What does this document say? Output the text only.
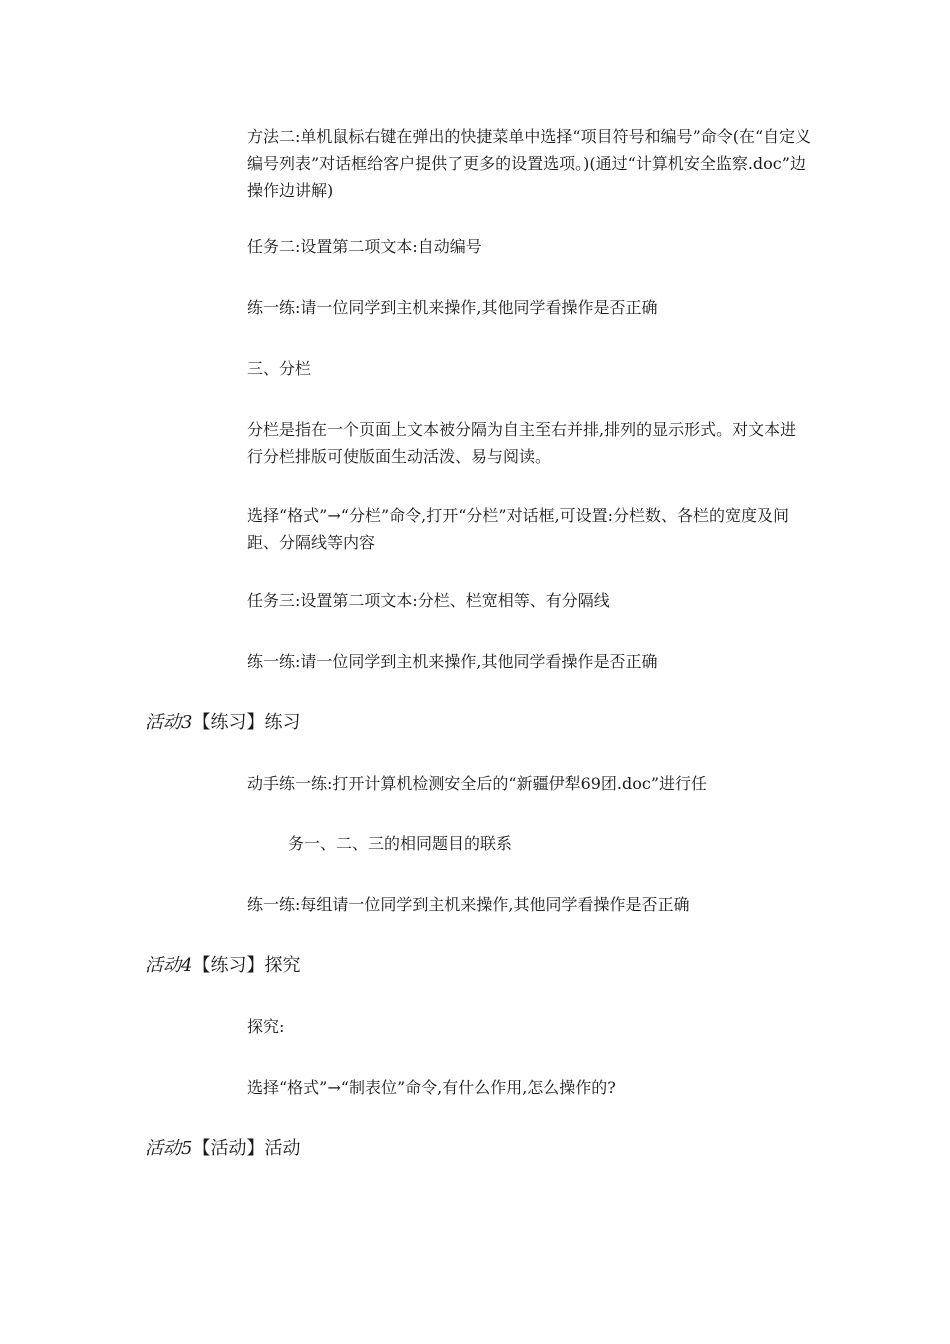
方法二:单机鼠标右键在弹出的快捷菜单中选择“项目符号和编号”命令(在“自定义编号列表”对话框给客户提供了更多的设置选项。)(通过“计算机安全监察.doc”边操作边讲解)

任务二:设置第二项文本:自动编号

练一练:请一位同学到主机来操作,其他同学看操作是否正确

三、分栏

分栏是指在一个页面上文本被分隔为自主至右并排,排列的显示形式。对文本进行分栏排版可使版面生动活泼、易与阅读。

选择“格式”→“分栏”命令,打开“分栏”对话框,可设置:分栏数、各栏的宽度及间距、分隔线等内容

任务三:设置第二项文本:分栏、栏宽相等、有分隔线

练一练:请一位同学到主机来操作,其他同学看操作是否正确

活动3【练习】练习

动手练一练:打开计算机检测安全后的“新疆伊犁69团.doc”进行任

务一、二、三的相同题目的联系

练一练:每组请一位同学到主机来操作,其他同学看操作是否正确

活动4【练习】探究

探究:

选择“格式”→“制表位”命令,有什么作用,怎么操作的?

活动5【活动】活动
